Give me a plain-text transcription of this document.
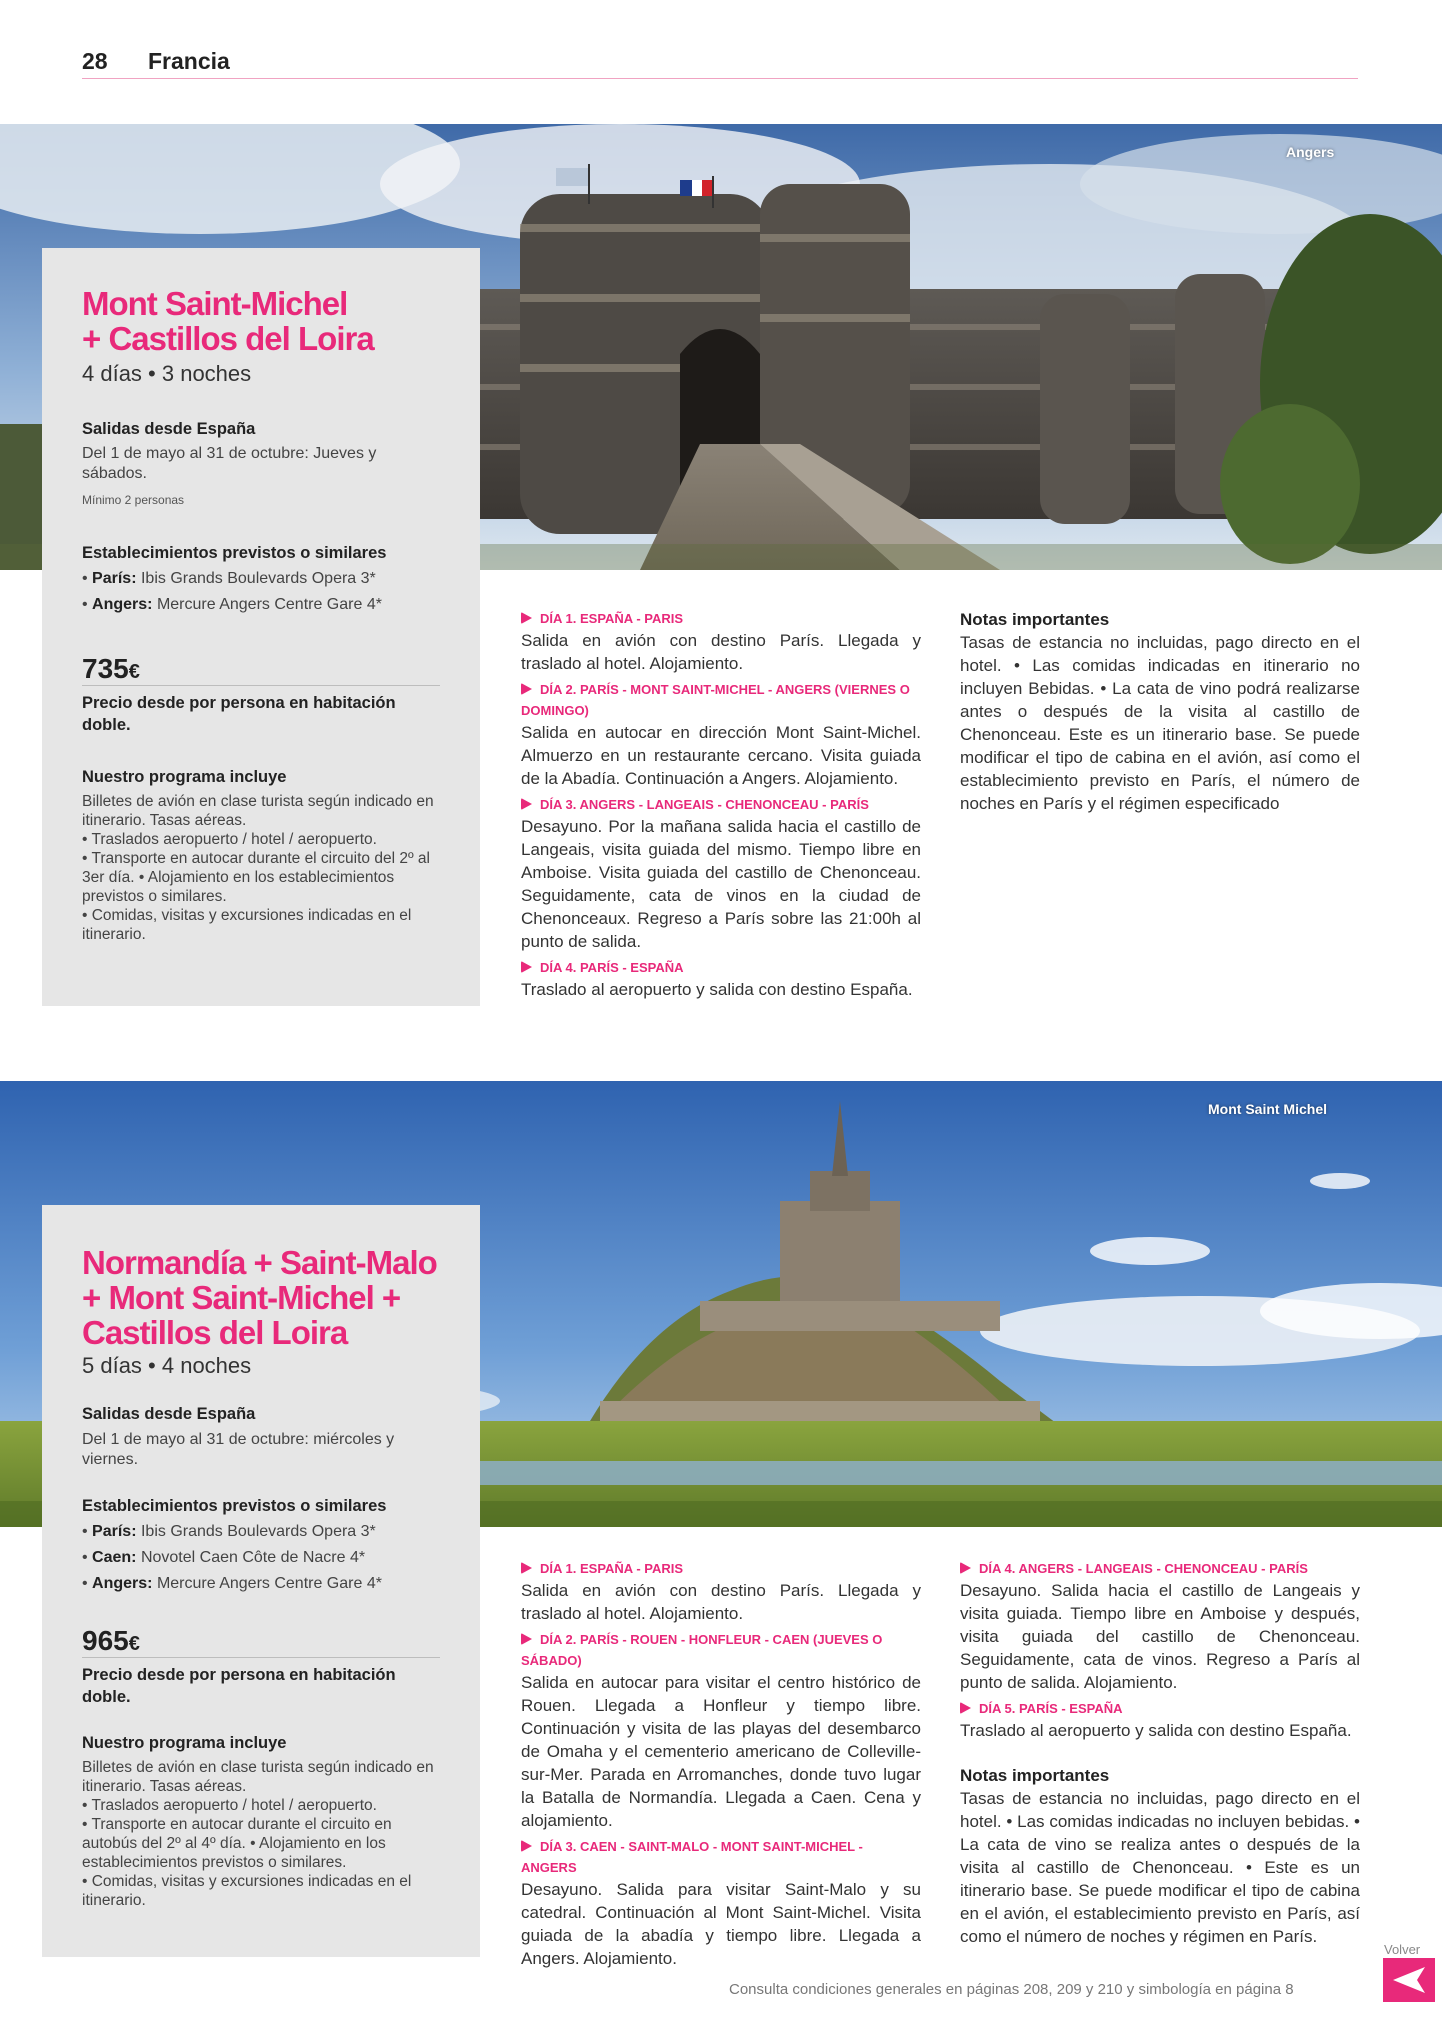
28 Francia
Angers
Mont Saint-Michel
+ Castillos del Loira
4 días • 3 noches
Salidas desde España
Del 1 de mayo al 31 de octubre: Jueves y sábados.
Mínimo 2 personas
Establecimientos previstos o similares
• París: Ibis Grands Boulevards Opera 3*
• Angers: Mercure Angers Centre Gare 4*
735€
Precio desde por persona en habitación doble.
Nuestro programa incluye
Billetes de avión en clase turista según indicado en itinerario. Tasas aéreas.
• Traslados aeropuerto / hotel / aeropuerto.
• Transporte en autocar durante el circuito del 2º al 3er día. • Alojamiento en los establecimientos previstos o similares.
• Comidas, visitas y excursiones indicadas en el itinerario.
DÍA 1. ESPAÑA - PARIS
Salida en avión con destino París. Llegada y traslado al hotel. Alojamiento.
DÍA 2. PARÍS - MONT SAINT-MICHEL - ANGERS (VIERNES O DOMINGO)
Salida en autocar en dirección Mont Saint-Michel. Almuerzo en un restaurante cercano. Visita guiada de la Abadía. Continuación a Angers. Alojamiento.
DÍA 3. ANGERS - LANGEAIS - CHENONCEAU - PARÍS
Desayuno. Por la mañana salida hacia el castillo de Langeais, visita guiada del mismo. Tiempo libre en Amboise. Visita guiada del castillo de Chenonceau. Seguidamente, cata de vinos en la ciudad de Chenonceaux. Regreso a París sobre las 21:00h al punto de salida.
DÍA 4. PARÍS - ESPAÑA
Traslado al aeropuerto y salida con destino España.
Notas importantes
Tasas de estancia no incluidas, pago directo en el hotel. • Las comidas indicadas en itinerario no incluyen Bebidas. • La cata de vino podrá realizarse antes o después de la visita al castillo de Chenonceau. Este es un itinerario base. Se puede modificar el tipo de cabina en el avión, así como el establecimiento previsto en París, el número de noches en París y el régimen especificado
Mont Saint Michel
Normandía + Saint-Malo
+ Mont Saint-Michel +
Castillos del Loira
5 días • 4 noches
Salidas desde España
Del 1 de mayo al 31 de octubre: miércoles y viernes.
Establecimientos previstos o similares
• París: Ibis Grands Boulevards Opera 3*
• Caen: Novotel Caen Côte de Nacre 4*
• Angers: Mercure Angers Centre Gare 4*
965€
Precio desde por persona en habitación doble.
Nuestro programa incluye
Billetes de avión en clase turista según indicado en itinerario. Tasas aéreas.
• Traslados aeropuerto / hotel / aeropuerto.
• Transporte en autocar durante el circuito en autobús del 2º al 4º día. • Alojamiento en los establecimientos previstos o similares.
• Comidas, visitas y excursiones indicadas en el itinerario.
DÍA 1. ESPAÑA - PARIS
Salida en avión con destino París. Llegada y traslado al hotel. Alojamiento.
DÍA 2. PARÍS - ROUEN - HONFLEUR - CAEN (JUEVES O SÁBADO)
Salida en autocar para visitar el centro histórico de Rouen. Llegada a Honfleur y tiempo libre. Continuación y visita de las playas del desembarco de Omaha y el cementerio americano de Colleville-sur-Mer. Parada en Arromanches, donde tuvo lugar la Batalla de Normandía. Llegada a Caen. Cena y alojamiento.
DÍA 3. CAEN - SAINT-MALO - MONT SAINT-MICHEL - ANGERS
Desayuno. Salida para visitar Saint-Malo y su catedral. Continuación al Mont Saint-Michel. Visita guiada de la abadía y tiempo libre. Llegada a Angers. Alojamiento.
DÍA 4. ANGERS - LANGEAIS - CHENONCEAU - PARÍS
Desayuno. Salida hacia el castillo de Langeais y visita guiada. Tiempo libre en Amboise y después, visita guiada del castillo de Chenonceau. Seguidamente, cata de vinos. Regreso a París al punto de salida. Alojamiento.
DÍA 5. PARÍS - ESPAÑA
Traslado al aeropuerto y salida con destino España.
Notas importantes
Tasas de estancia no incluidas, pago directo en el hotel. • Las comidas indicadas no incluyen bebidas. • La cata de vino se realiza antes o después de la visita al castillo de Chenonceau. • Este es un itinerario base. Se puede modificar el tipo de cabina en el avión, el establecimiento previsto en París, así como el número de noches y régimen en París.
Consulta condiciones generales en páginas 208, 209 y 210 y simbología en página 8
Volver
